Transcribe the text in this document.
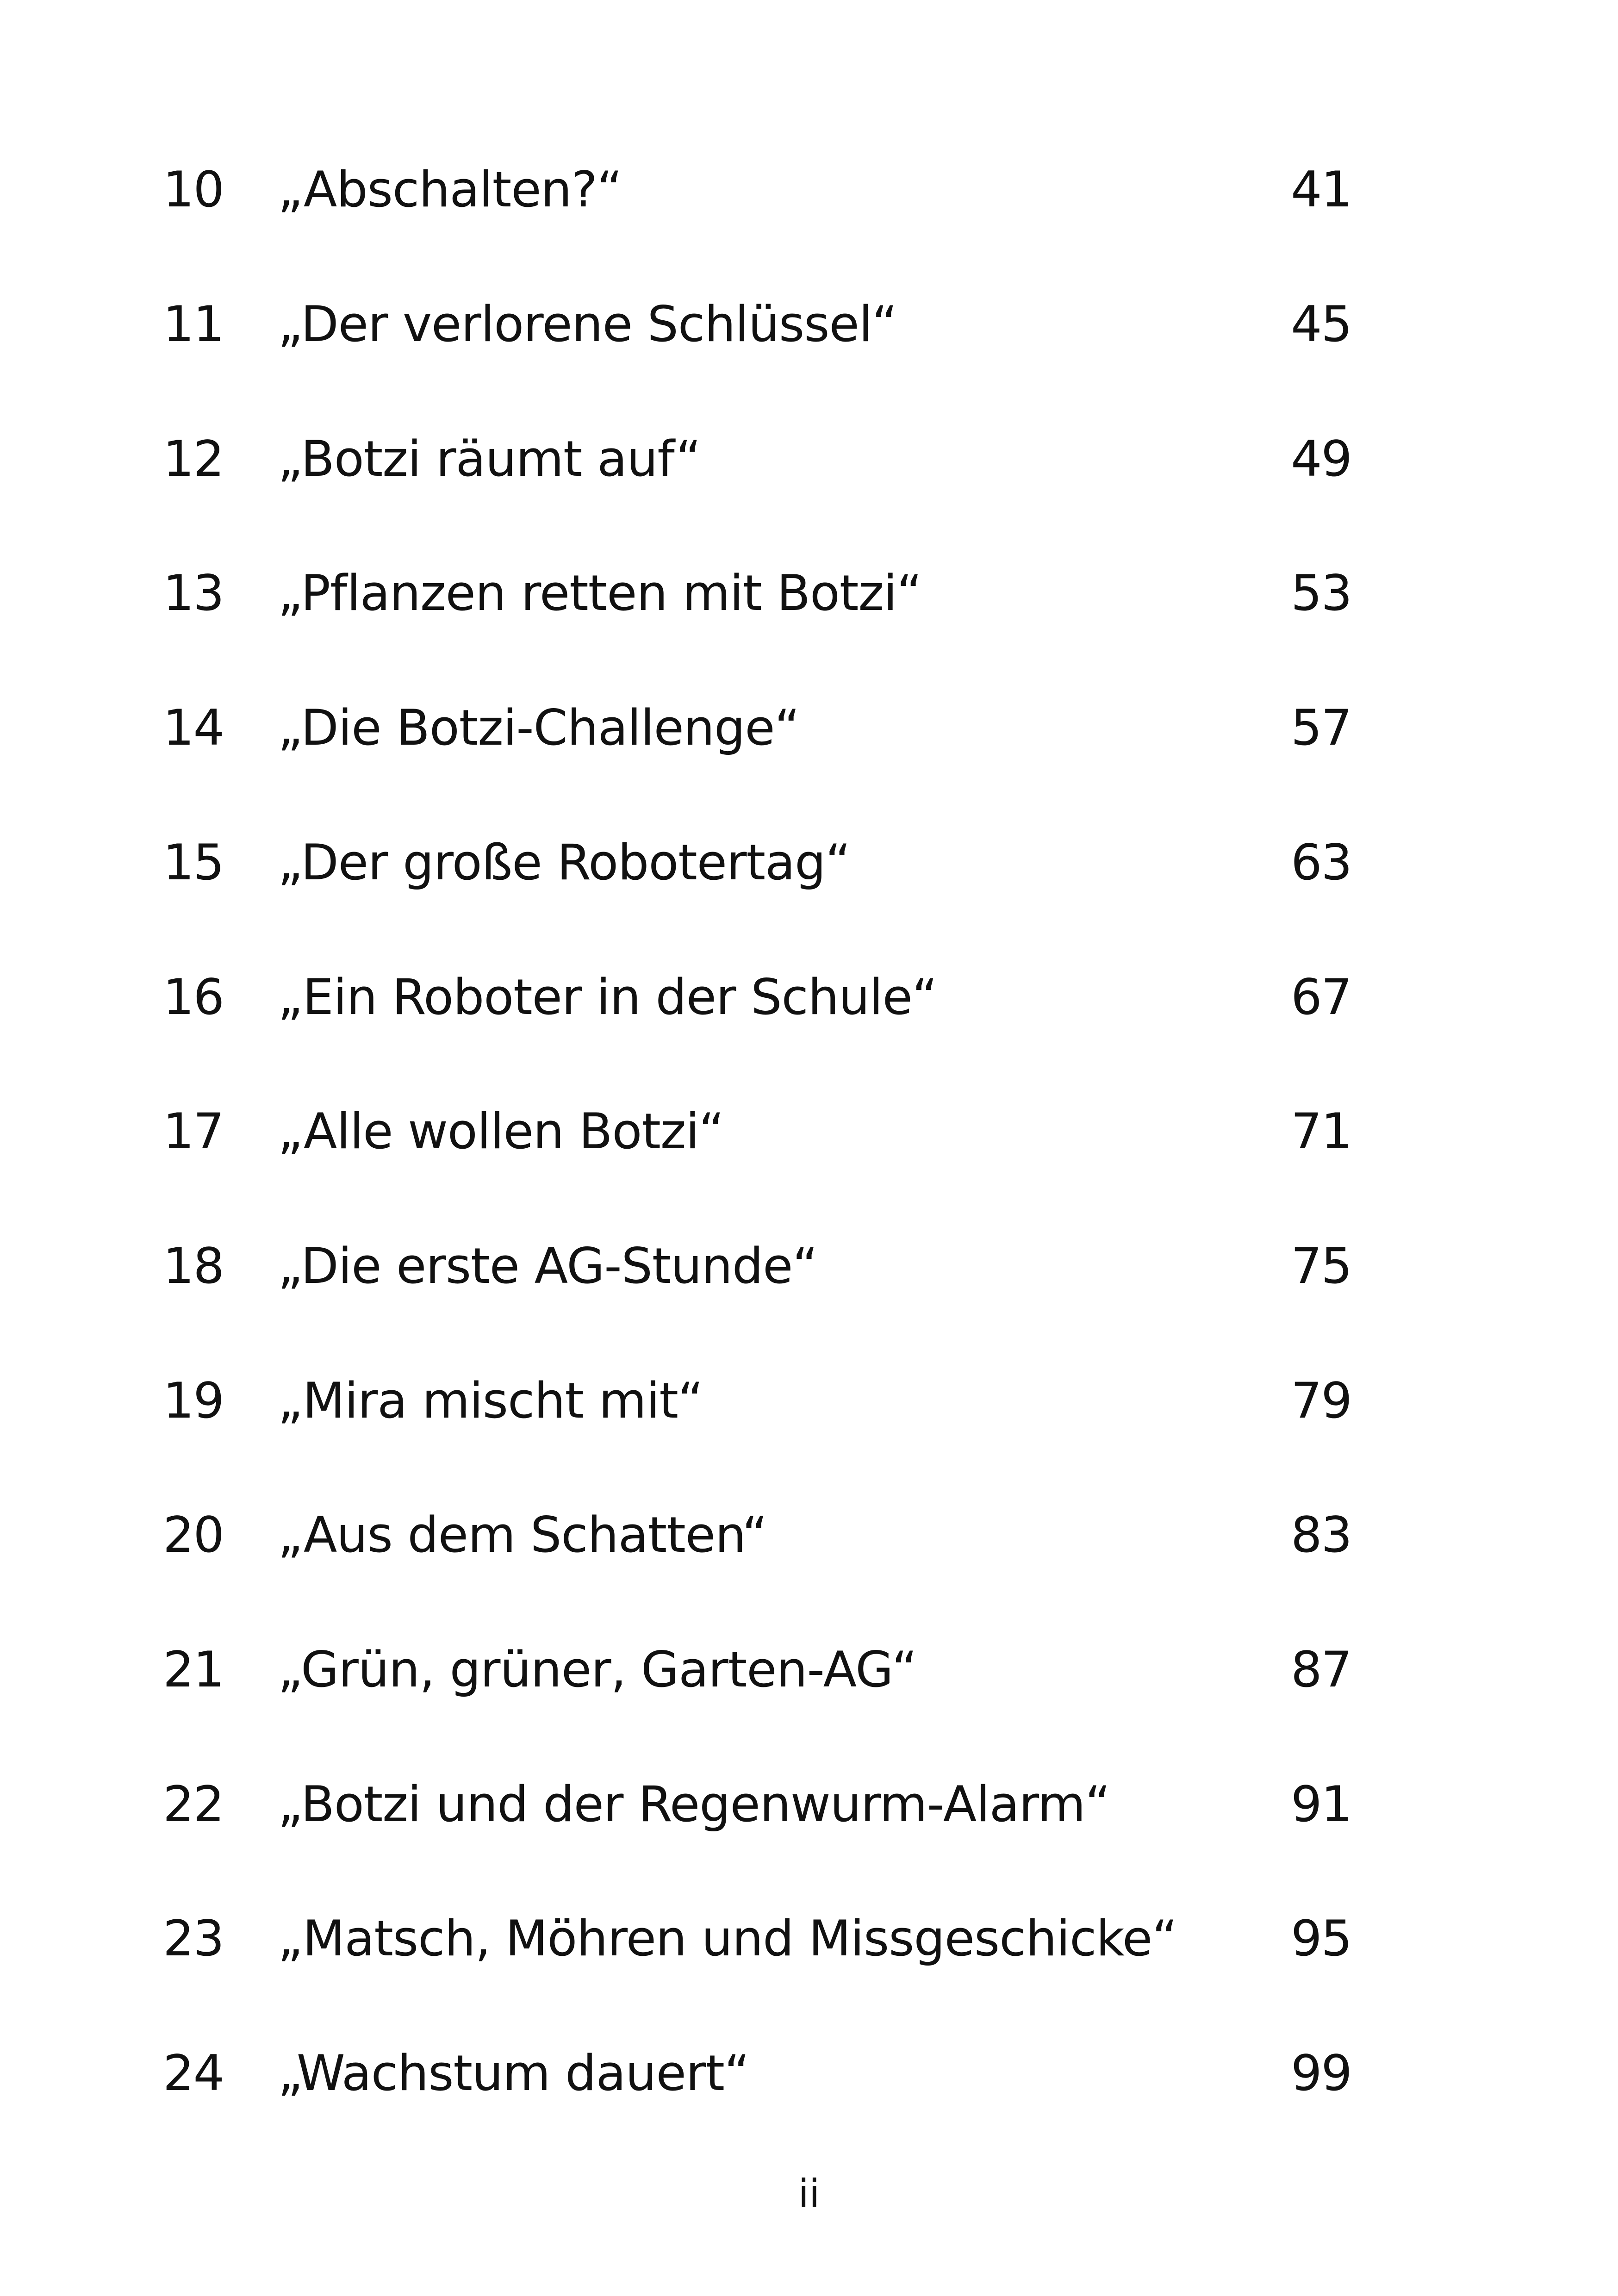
10 „Abschalten?“	41
11 „Der verlorene Schlüssel“	45
12 „Botzi räumt auf“	49
13 „Pflanzen retten mit Botzi“	53
14 „Die Botzi-Challenge“	57
15 „Der große Robotertag“	63
16 „Ein Roboter in der Schule“	67
17 „Alle wollen Botzi“	71
18 „Die erste AG-Stunde“	75
19 „Mira mischt mit“	79
20 „Aus dem Schatten“	83
21 „Grün, grüner, Garten-AG“	87
22 „Botzi und der Regenwurm-Alarm“	91
23 „Matsch, Möhren und Missgeschicke“	95
24 „Wachstum dauert“	99
ii
